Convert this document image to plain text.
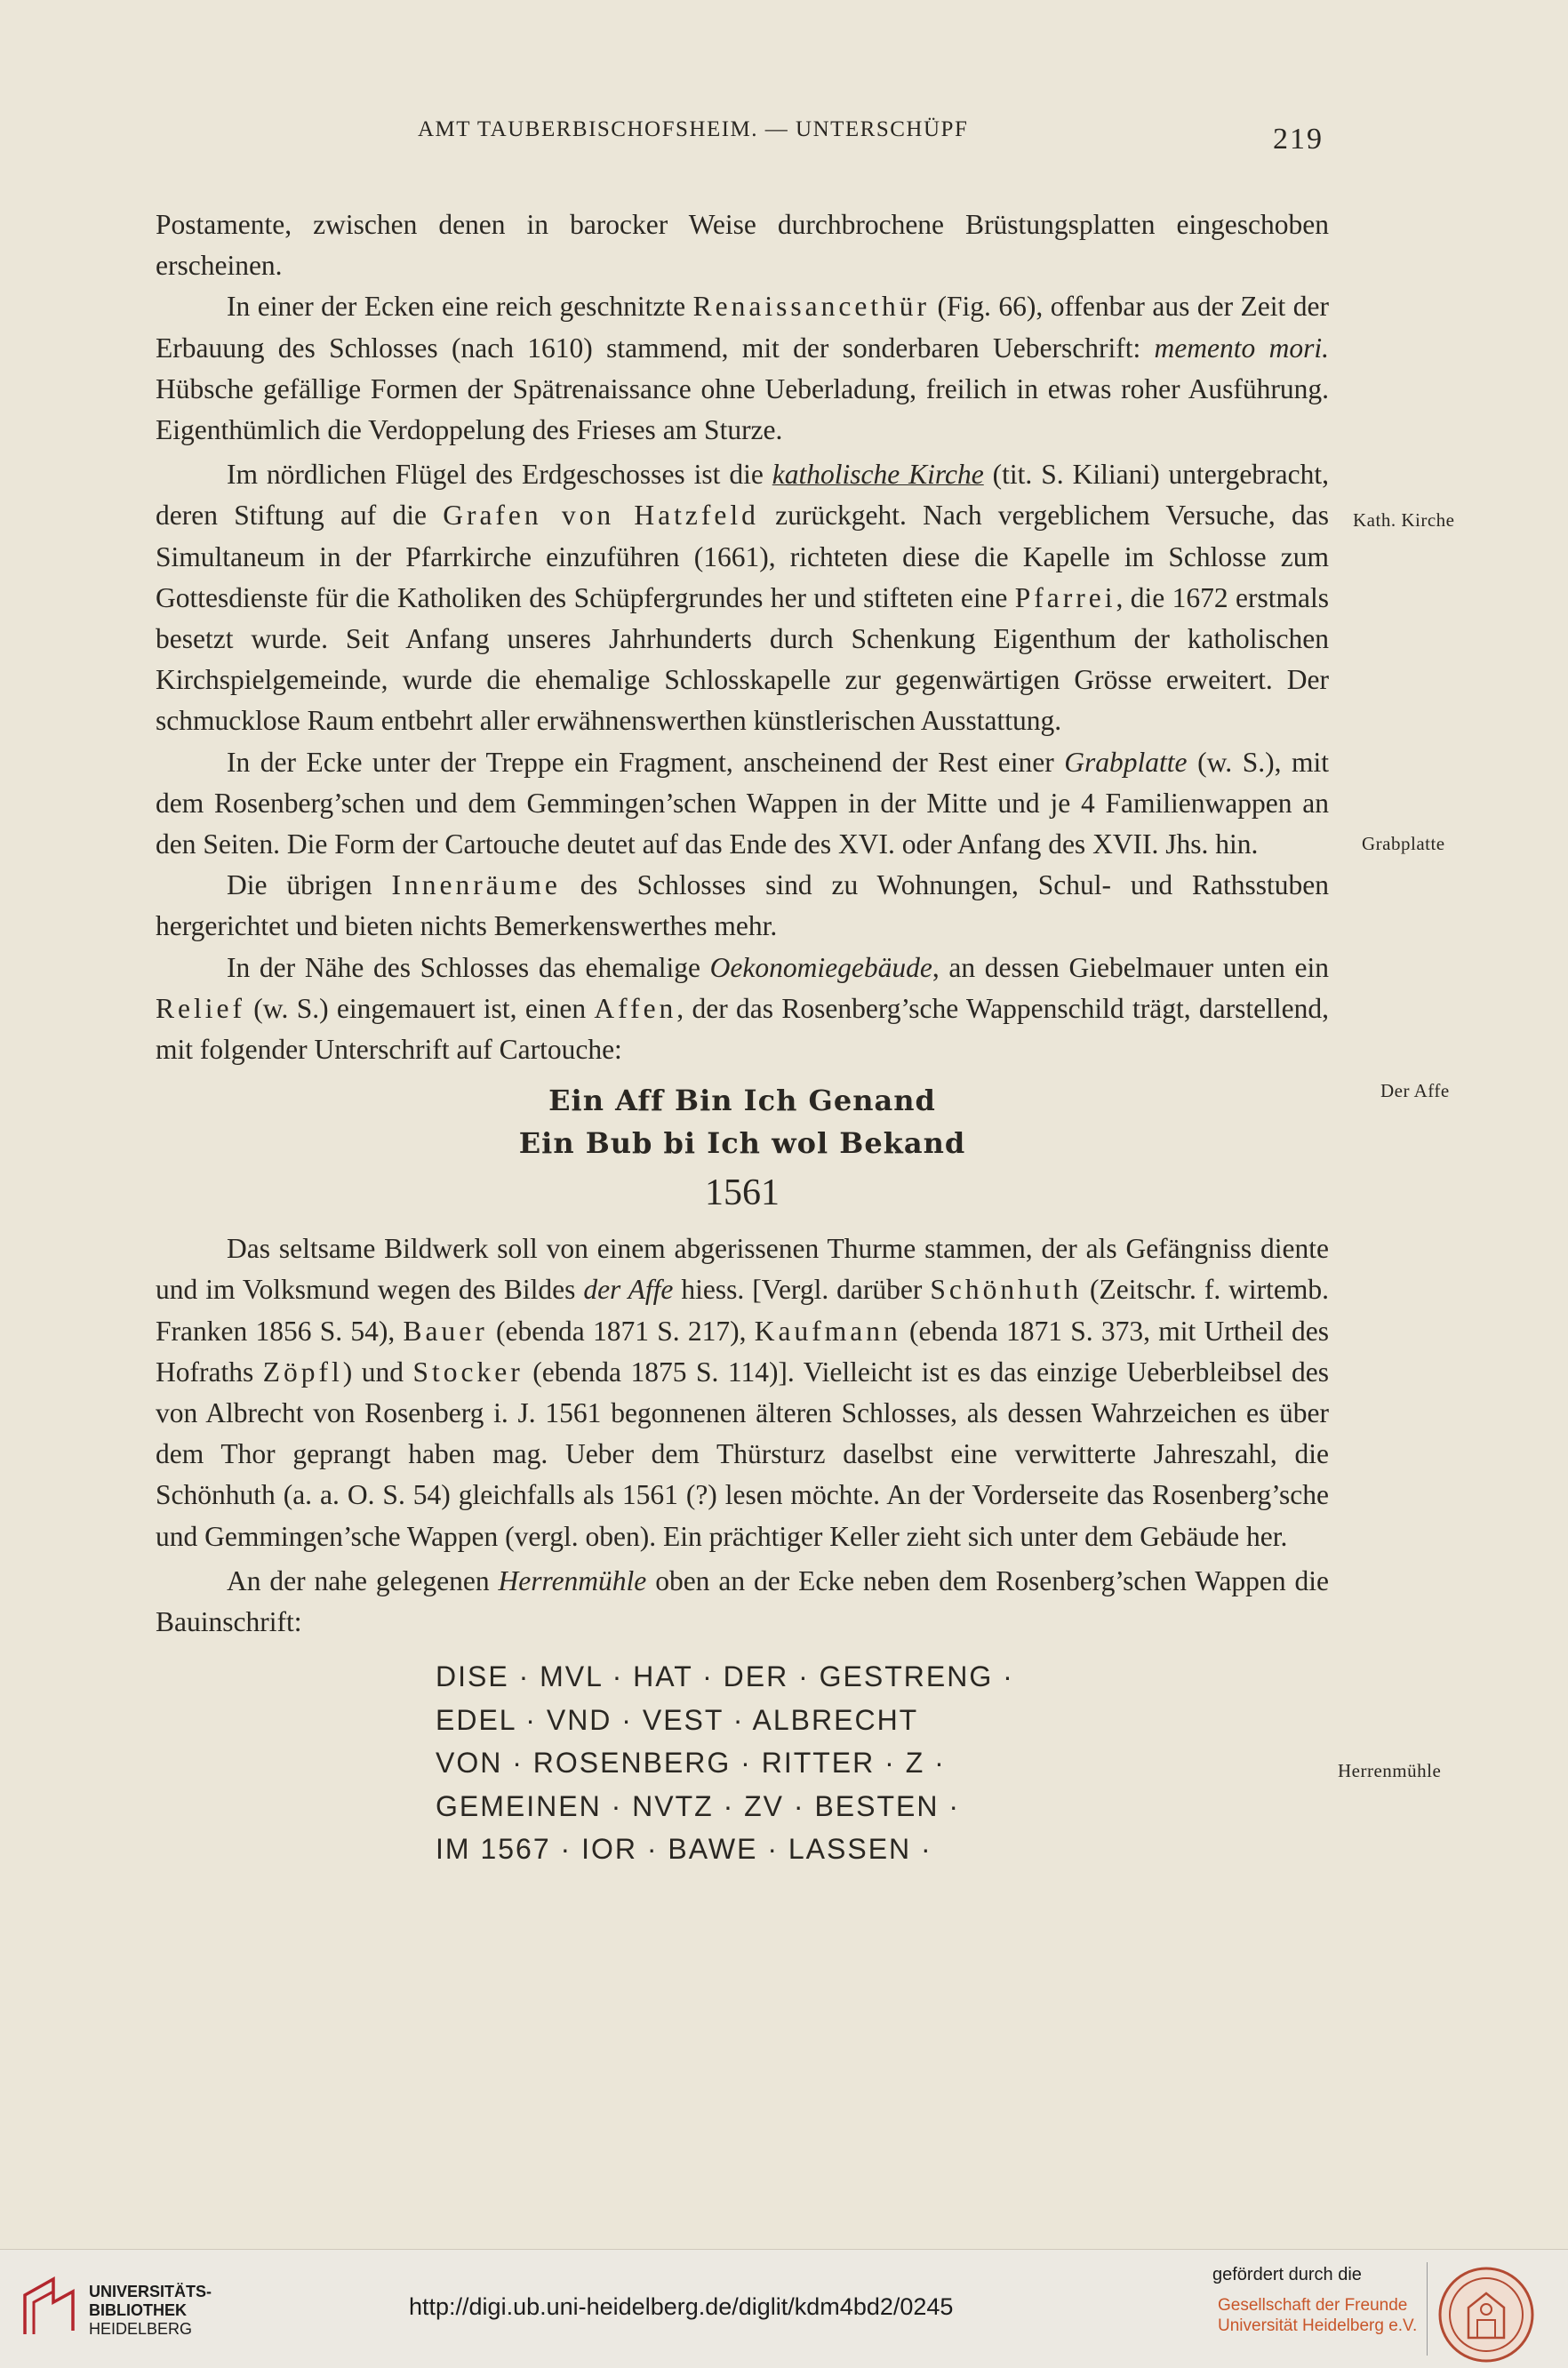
AMT TAUBERBISCHOFSHEIM. — UNTERSCHÜPF	219

Postamente, zwischen denen in barocker Weise durchbrochene Brüstungsplatten eingeschoben erscheinen.

In einer der Ecken eine reich geschnitzte Renaissancethür (Fig. 66), offenbar aus der Zeit der Erbauung des Schlosses (nach 1610) stammend, mit der sonderbaren Ueberschrift: memento mori. Hübsche gefällige Formen der Spätrenaissance ohne Ueberladung, freilich in etwas roher Ausführung. Eigenthümlich die Verdoppelung des Frieses am Sturze.

Im nördlichen Flügel des Erdgeschosses ist die katholische Kirche (tit. S. Kiliani) untergebracht, deren Stiftung auf die Grafen von Hatzfeld zurückgeht. Nach vergeblichem Versuche, das Simultaneum in der Pfarrkirche einzuführen (1661), richteten diese die Kapelle im Schlosse zum Gottesdienste für die Katholiken des Schüpfergrundes her und stifteten eine Pfarrei, die 1672 erstmals besetzt wurde. Seit Anfang unseres Jahrhunderts durch Schenkung Eigenthum der katholischen Kirchspielgemeinde, wurde die ehemalige Schlosskapelle zur gegenwärtigen Grösse erweitert. Der schmucklose Raum entbehrt aller erwähnenswerthen künstlerischen Ausstattung.

In der Ecke unter der Treppe ein Fragment, anscheinend der Rest einer Grabplatte (w. S.), mit dem Rosenberg’schen und dem Gemmingen’schen Wappen in der Mitte und je 4 Familienwappen an den Seiten. Die Form der Cartouche deutet auf das Ende des XVI. oder Anfang des XVII. Jhs. hin.

Die übrigen Innenräume des Schlosses sind zu Wohnungen, Schul- und Rathsstuben hergerichtet und bieten nichts Bemerkenswerthes mehr.

In der Nähe des Schlosses das ehemalige Oekonomiegebäude, an dessen Giebelmauer unten ein Relief (w. S.) eingemauert ist, einen Affen, der das Rosenberg’sche Wappenschild trägt, darstellend, mit folgender Unterschrift auf Cartouche:

Ein Aff Bin Ich Genand
Ein Bub bi Ich wol Bekand
1561

Das seltsame Bildwerk soll von einem abgerissenen Thurme stammen, der als Gefängniss diente und im Volksmund wegen des Bildes der Affe hiess. [Vergl. darüber Schönhuth (Zeitschr. f. wirtemb. Franken 1856 S. 54), Bauer (ebenda 1871 S. 217), Kaufmann (ebenda 1871 S. 373, mit Urtheil des Hofraths Zöpfl) und Stocker (ebenda 1875 S. 114)]. Vielleicht ist es das einzige Ueberbleibsel des von Albrecht von Rosenberg i. J. 1561 begonnenen älteren Schlosses, als dessen Wahrzeichen es über dem Thor geprangt haben mag. Ueber dem Thürsturz daselbst eine verwitterte Jahreszahl, die Schönhuth (a. a. O. S. 54) gleichfalls als 1561 (?) lesen möchte. An der Vorderseite das Rosenberg’sche und Gemmingen’sche Wappen (vergl. oben). Ein prächtiger Keller zieht sich unter dem Gebäude her.

An der nahe gelegenen Herrenmühle oben an der Ecke neben dem Rosenberg’schen Wappen die Bauinschrift:

DISE · MVL · HAT · DER · GESTRENG ·
EDEL · VND · VEST · ALBRECHT
VON · ROSENBERG · RITTER · Z ·
GEMEINEN · NVTZ · ZV · BESTEN ·
IM 1567 · IOR · BAWE · LASSEN ·
Kath. Kirche
Grabplatte
Der Affe
Herrenmühle
UNIVERSITÄTS-
BIBLIOTHEK
HEIDELBERG
http://digi.ub.uni-heidelberg.de/diglit/kdm4bd2/0245
gefördert durch die
Gesellschaft der Freunde
Universität Heidelberg e.V.
